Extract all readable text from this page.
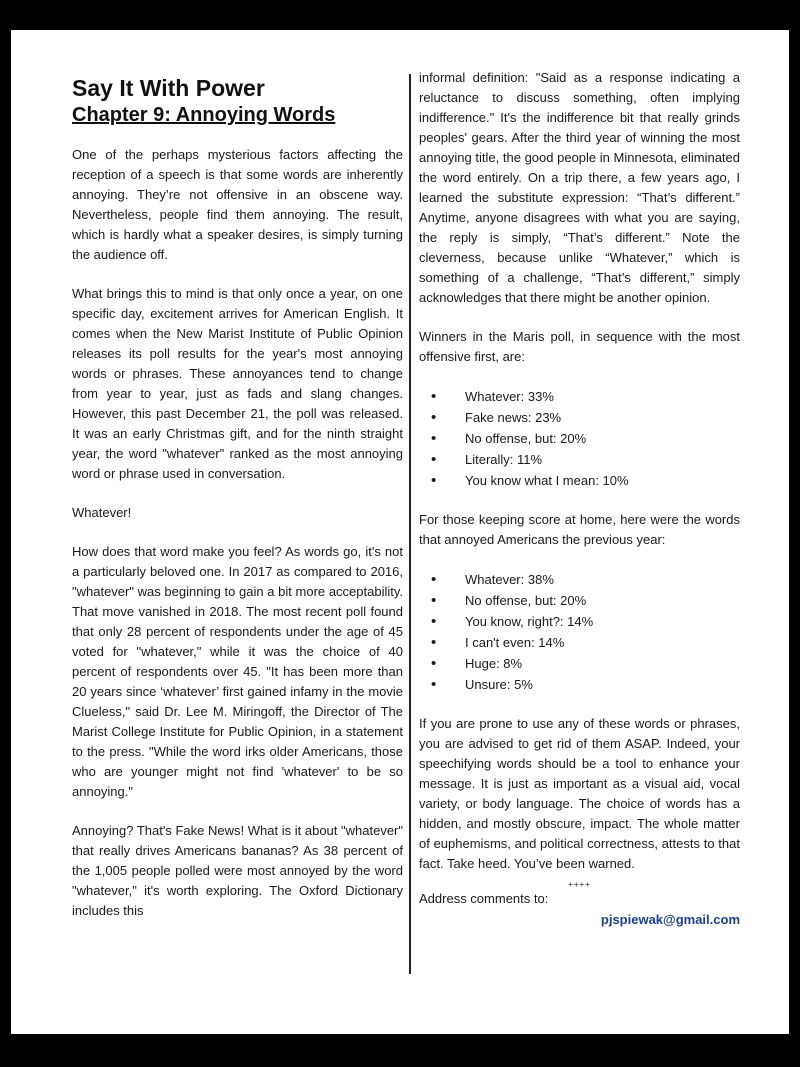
Say It With Power
Chapter 9: Annoying Words

One of the perhaps mysterious factors affecting the reception of a speech is that some words are inherently annoying. They’re not offensive in an obscene way. Nevertheless, people find them annoying. The result, which is hardly what a speaker desires, is simply turning the audience off.

What brings this to mind is that only once a year, on one specific day, excitement arrives for American English. It comes when the New Marist Institute of Public Opinion releases its poll results for the year's most annoying words or phrases. These annoyances tend to change from year to year, just as fads and slang changes. However, this past December 21, the poll was released. It was an early Christmas gift, and for the ninth straight year, the word "whatever" ranked as the most annoying word or phrase used in conversation.

Whatever!

How does that word make you feel? As words go, it's not a particularly beloved one. In 2017 as compared to 2016, "whatever" was beginning to gain a bit more acceptability. That move vanished in 2018. The most recent poll found that only 28 percent of respondents under the age of 45 voted for "whatever," while it was the choice of 40 percent of respondents over 45. "It has been more than 20 years since ‘whatever’ first gained infamy in the movie Clueless," said Dr. Lee M. Miringoff, the Director of The Marist College Institute for Public Opinion, in a statement to the press. "While the word irks older Americans, those who are younger might not find 'whatever' to be so annoying."

Annoying? That's Fake News! What is it about "whatever" that really drives Americans bananas? As 38 percent of the 1,005 people polled were most annoyed by the word "whatever," it's worth exploring. The Oxford Dictionary includes this

informal definition: "Said as a response indicating a reluctance to discuss something, often implying indifference." It's the indifference bit that really grinds peoples' gears. After the third year of winning the most annoying title, the good people in Minnesota, eliminated the word entirely. On a trip there, a few years ago, I learned the substitute expression: “That’s different.” Anytime, anyone disagrees with what you are saying, the reply is simply, “That’s different.” Note the cleverness, because unlike “Whatever,” which is something of a challenge, “That’s different,” simply acknowledges that there might be another opinion.

Winners in the Maris poll, in sequence with the most offensive first, are:

• Whatever: 33%
• Fake news: 23%
• No offense, but: 20%
• Literally: 11%
• You know what I mean: 10%

For those keeping score at home, here were the words that annoyed Americans the previous year:

• Whatever: 38%
• No offense, but: 20%
• You know, right?: 14%
• I can't even: 14%
• Huge: 8%
• Unsure: 5%

If you are prone to use any of these words or phrases, you are advised to get rid of them ASAP. Indeed, your speechifying words should be a tool to enhance your message. It is just as important as a visual aid, vocal variety, or body language. The choice of words has a hidden, and mostly obscure, impact. The whole matter of euphemisms, and political correctness, attests to that fact. Take heed. You’ve been warned.

++++
Address comments to:
pjspiewak@gmail.com
